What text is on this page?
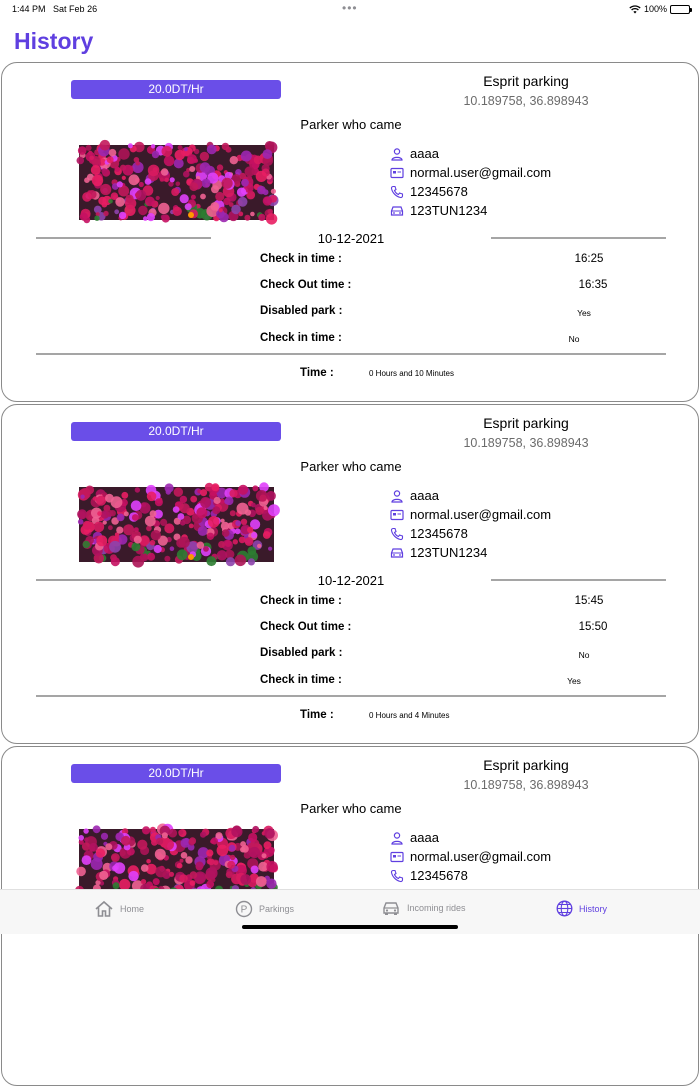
1:44 PM Sat Feb 26	•••	100%
History
20.0DT/Hr	Esprit parking
10.189758, 36.898943
Parker who came
aaaa
normal.user@gmail.com
12345678
123TUN1234
10-12-2021
Check in time :	16:25
Check Out time :	16:35
Disabled park :	Yes
Check in time :	No
Time :	0 Hours and 10 Minutes
20.0DT/Hr	Esprit parking
10.189758, 36.898943
Parker who came
aaaa
normal.user@gmail.com
12345678
123TUN1234
10-12-2021
Check in time :	15:45
Check Out time :	15:50
Disabled park :	No
Check in time :	Yes
Time :	0 Hours and 4 Minutes
20.0DT/Hr	Esprit parking
10.189758, 36.898943
Parker who came
aaaa
normal.user@gmail.com
12345678
Home	P Parkings	Incoming rides	History
